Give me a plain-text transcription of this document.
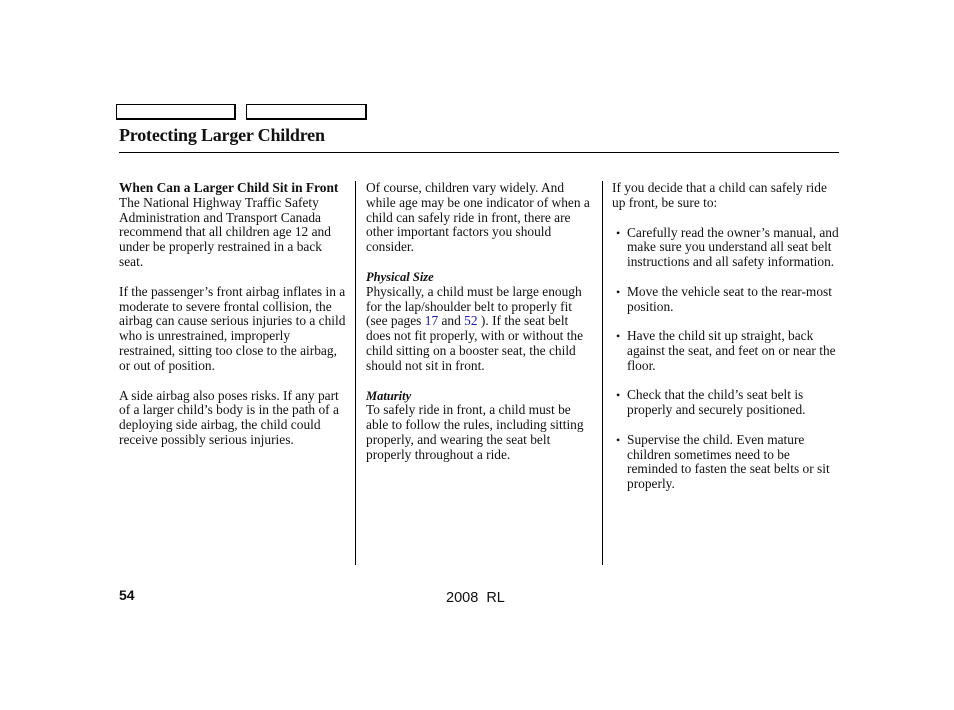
Protecting Larger Children

When Can a Larger Child Sit in Front

The National Highway Traffic Safety Administration and Transport Canada recommend that all children age 12 and under be properly restrained in a back seat.

If the passenger’s front airbag inflates in a moderate to severe frontal collision, the airbag can cause serious injuries to a child who is unrestrained, improperly restrained, sitting too close to the airbag, or out of position.

A side airbag also poses risks. If any part of a larger child’s body is in the path of a deploying side airbag, the child could receive possibly serious injuries.

Of course, children vary widely. And while age may be one indicator of when a child can safely ride in front, there are other important factors you should consider.

Physical Size

Physically, a child must be large enough for the lap/shoulder belt to properly fit (see pages 17 and 52 ). If the seat belt does not fit properly, with or without the child sitting on a booster seat, the child should not sit in front.

Maturity

To safely ride in front, a child must be able to follow the rules, including sitting properly, and wearing the seat belt properly throughout a ride.

If you decide that a child can safely ride up front, be sure to:

• Carefully read the owner’s manual, and make sure you understand all seat belt instructions and all safety information.
• Move the vehicle seat to the rear-most position.
• Have the child sit up straight, back against the seat, and feet on or near the floor.
• Check that the child’s seat belt is properly and securely positioned.
• Supervise the child. Even mature children sometimes need to be reminded to fasten the seat belts or sit properly.
54	2008  RL
